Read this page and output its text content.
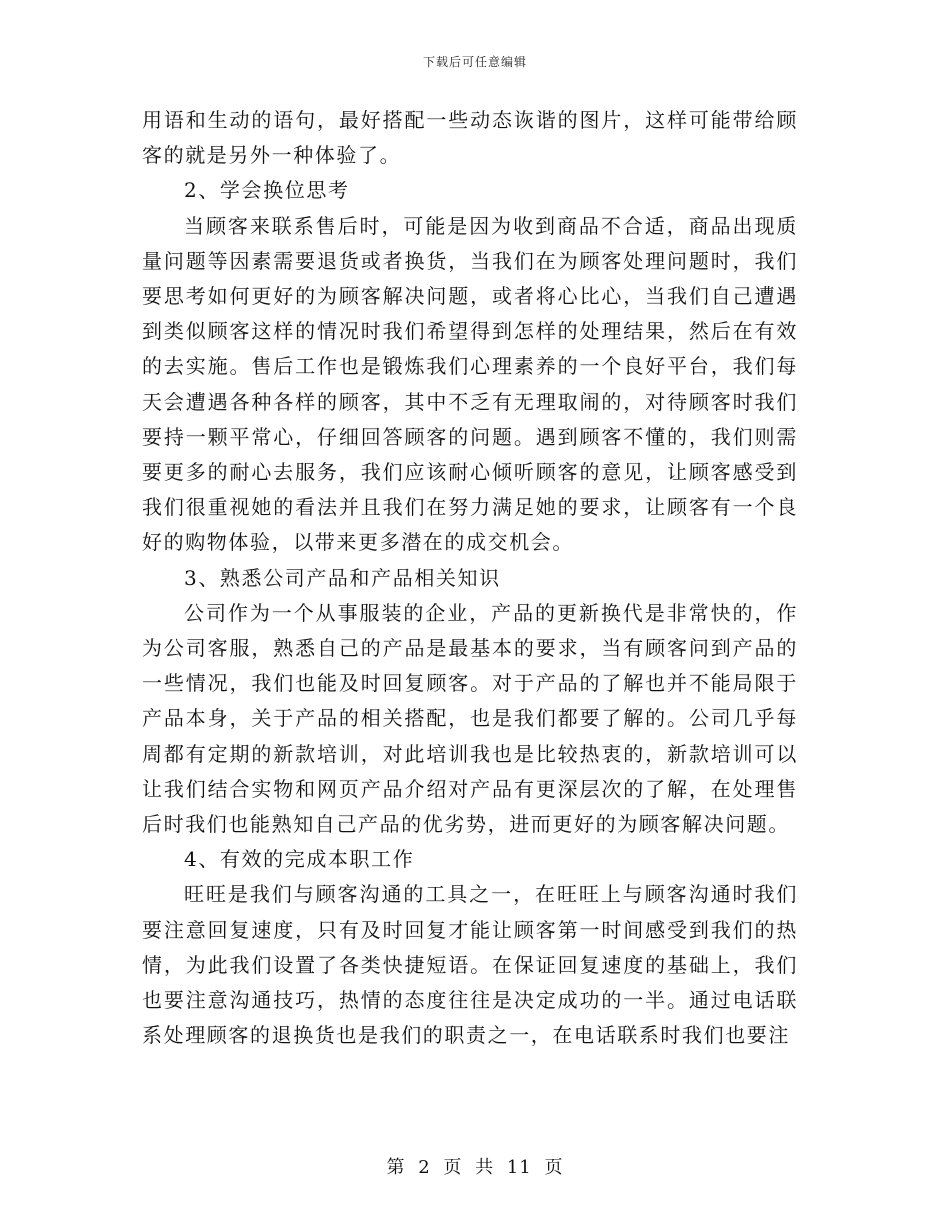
下载后可任意编辑

用语和生动的语句，最好搭配一些动态诙谐的图片，这样可能带给顾客的就是另外一种体验了。

2、学会换位思考

当顾客来联系售后时，可能是因为收到商品不合适，商品出现质量问题等因素需要退货或者换货，当我们在为顾客处理问题时，我们要思考如何更好的为顾客解决问题，或者将心比心，当我们自己遭遇到类似顾客这样的情况时我们希望得到怎样的处理结果，然后在有效的去实施。售后工作也是锻炼我们心理素养的一个良好平台，我们每天会遭遇各种各样的顾客，其中不乏有无理取闹的，对待顾客时我们要持一颗平常心，仔细回答顾客的问题。遇到顾客不懂的，我们则需要更多的耐心去服务，我们应该耐心倾听顾客的意见，让顾客感受到我们很重视她的看法并且我们在努力满足她的要求，让顾客有一个良好的购物体验，以带来更多潜在的成交机会。

3、熟悉公司产品和产品相关知识

公司作为一个从事服装的企业，产品的更新换代是非常快的，作为公司客服，熟悉自己的产品是最基本的要求，当有顾客问到产品的一些情况，我们也能及时回复顾客。对于产品的了解也并不能局限于产品本身，关于产品的相关搭配，也是我们都要了解的。公司几乎每周都有定期的新款培训，对此培训我也是比较热衷的，新款培训可以让我们结合实物和网页产品介绍对产品有更深层次的了解，在处理售后时我们也能熟知自己产品的优劣势，进而更好的为顾客解决问题。

4、有效的完成本职工作

旺旺是我们与顾客沟通的工具之一，在旺旺上与顾客沟通时我们要注意回复速度，只有及时回复才能让顾客第一时间感受到我们的热情，为此我们设置了各类快捷短语。在保证回复速度的基础上，我们也要注意沟通技巧，热情的态度往往是决定成功的一半。通过电话联系处理顾客的退换货也是我们的职责之一，在电话联系时我们也要注

第 2 页 共 11 页
